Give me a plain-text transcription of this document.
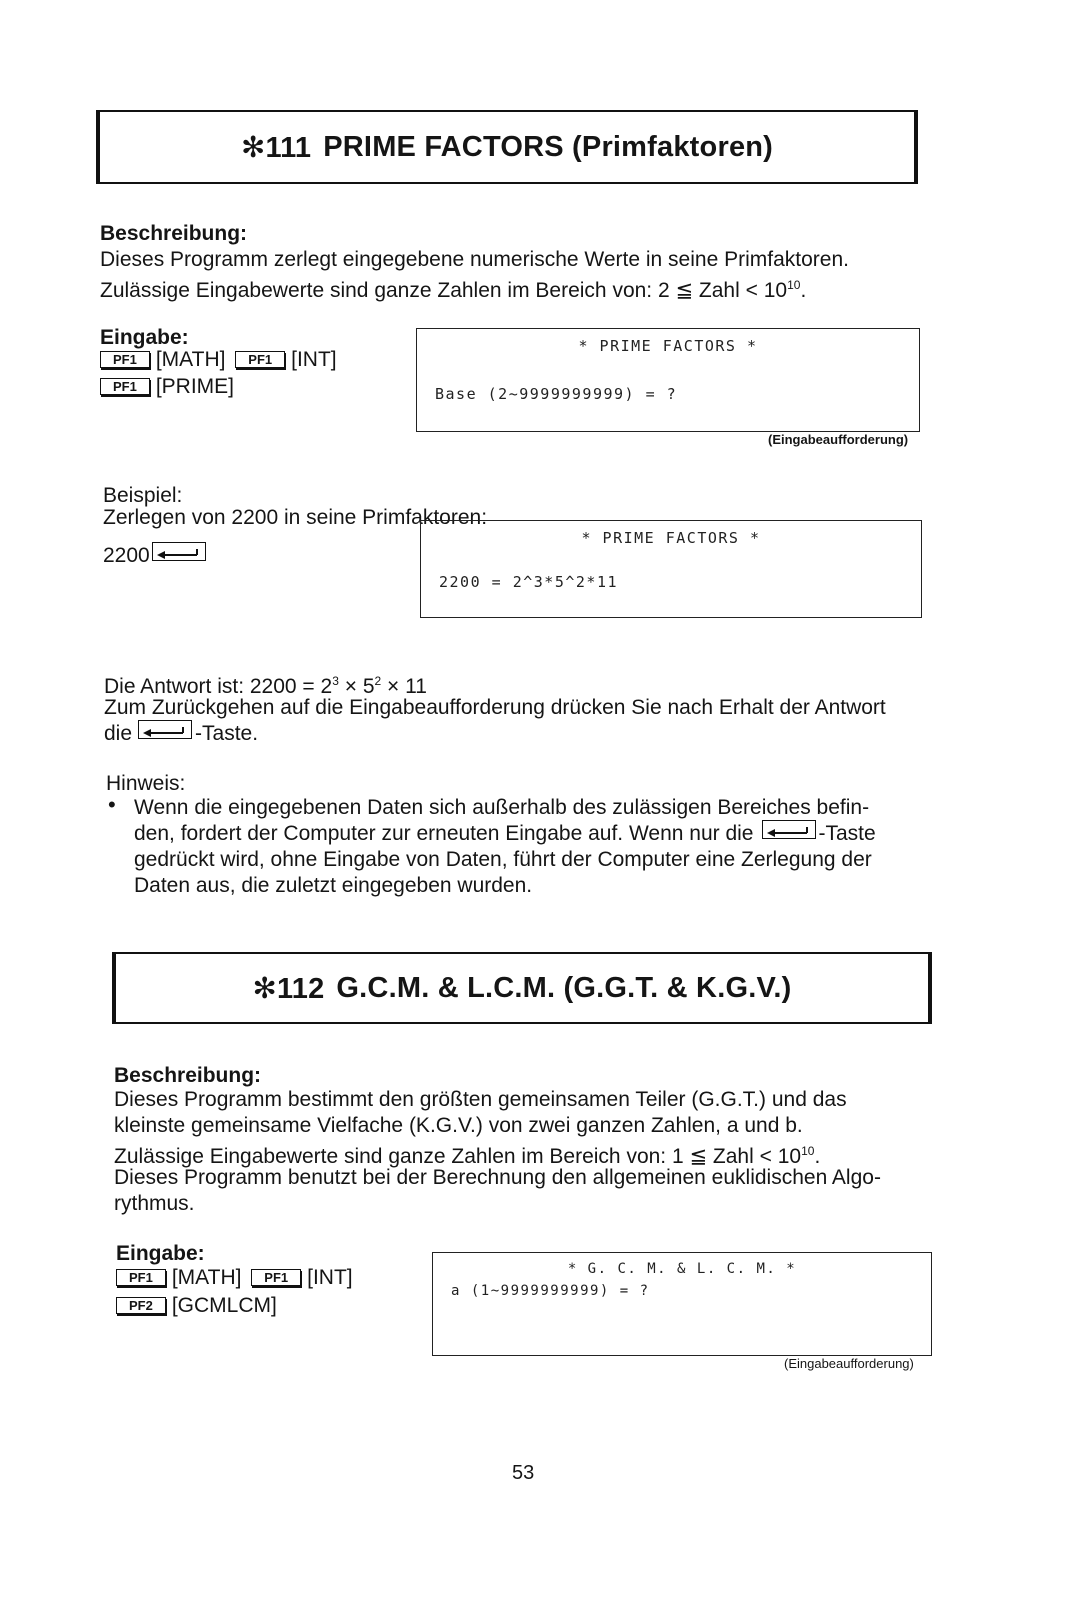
✻111 PRIME FACTORS (Primfaktoren)
Beschreibung:
Dieses Programm zerlegt eingegebene numerische Werte in seine Primfaktoren.
Zulässige Eingabewerte sind ganze Zahlen im Bereich von: 2 ≦ Zahl < $10^{10}$.
Eingabe:
PF1 [MATH] PF1 [INT]
PF1 [PRIME]
* PRIME FACTORS *
Base (2~9999999999) = ?
(Eingabeaufforderung)
Beispiel:
Zerlegen von 2200 in seine Primfaktoren:
2200
* PRIME FACTORS *
2200 = 2^3*5^2*11
Die Antwort ist: $2200 = 2^3 \times 5^2 \times 11$
Zum Zurückgehen auf die Eingabeaufforderung drücken Sie nach Erhalt der Antwort
die	-Taste.
Hinweis:
• Wenn die eingegebenen Daten sich außerhalb des zulässigen Bereiches befin-
den, fordert der Computer zur erneuten Eingabe auf. Wenn nur die	-Taste
gedrückt wird, ohne Eingabe von Daten, führt der Computer eine Zerlegung der
Daten aus, die zuletzt eingegeben wurden.
✻112 G.C.M. & L.C.M. (G.G.T. & K.G.V.)
Beschreibung:
Dieses Programm bestimmt den größten gemeinsamen Teiler (G.G.T.) und das
kleinste gemeinsame Vielfache (K.G.V.) von zwei ganzen Zahlen, a und b.
Zulässige Eingabewerte sind ganze Zahlen im Bereich von: 1 ≦ Zahl < $10^{10}$.
Dieses Programm benutzt bei der Berechnung den allgemeinen euklidischen Algo-
rythmus.
Eingabe:
PF1 [MATH] PF1 [INT]
PF2 [GCMLCM]
* G. C. M. & L. C. M. *
a (1~9999999999) = ?
(Eingabeaufforderung)
53
